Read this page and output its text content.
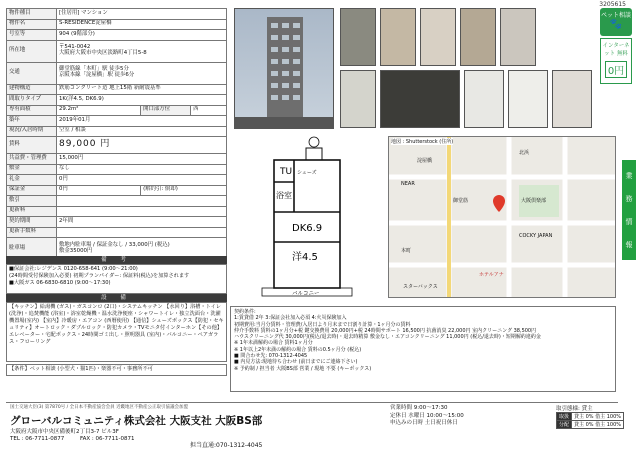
3205615
物件種目	[住居用] マンション		
物件名	S-RESIDENCE淀屋橋		
号室等	904 (9階部分)		
所在地	〒541-0042
大阪府大阪市中央区淡路町4丁目5-8		

交通	御堂筋線「本町」駅 徒歩5分
京阪本線「淀屋橋」駅 徒歩6分		

建物構造	鉄筋コンクリート造 地上15階 新耐震基準		
間取りタイプ	1K(洋4.5, DK6.9)		
専有面積	29.2m²	開口部方位	西
築年	2019年01月		
現況/入居時期	空室 / 相談		
賃料	89,000 円		
共益費・管理費	15,000円		
敷金	なし		
礼金	0円		
保証金	0円	(解約引: 償却)	
敷引			
更新料			
契約期間	2年間		
更新手数料			
駐車場	敷地内駐車場 / 保証金なし / 33,000円 (税込)
敷金35000円		
備 考
■保証会社:レジデンス 0120-658-641 (9:00〜21:00)
(24時間受付保険加入必要) 初期プランパイダー: 保証料(税込)を加算されます
■大阪ガス 06-6830-6810 (9:00〜17:30)
設 備
【キッチン】給湯機 (ガス)・ガスコンロ (2口)・システムキッチン 【水回り】浴槽・トイレ (洗浄)・追焚機能 (浴室)・浴室乾燥機・温水洗浄便座・シャワートイレ・独立洗面台・洗濯機置場(室内) 【室内】冷暖房・エアコン (西暦使用) 【通信】シューズボックス【防犯・セキュリティ】オートロック・ダブルロック・防犯カメラ・TVモニタ付インターホン【その他】エレベーター・宅配ボックス・24時間ゴミ出し・照明器具 (室内)・バルコニー・ペアガラス・フローリング
【条件】ペット相談 (小型犬・猫1匹)・楽器不可・事務所不可
ペット相談
🐾
インターネット 無料
0円
業
務
情
報
TU シューズ
浴室
DK6.9
洋4.5
バルコニー
地図 : Shutterstock (住所)
淀屋橋
NEAR
本町
御堂筋
北浜
大阪倶楽部
COCKY JAPAN
ホテルアナ
スターバックス
契約条件:
1:賃貸借 2年 3:保証会社加入必須 4:火災保険加入
初期費用:当月分賃料・管理費/入居日より月末まで日割り計算・1ヶ月分の賃料
仲介手数料 賃料の1ヶ月分+税 鍵交換費用 20,000円+税 24時間サポート 16,500円 抗菌消臭 22,000円 室内クリーニング 38,500円
ハウスクリーニング代 30,000円(税込/退去時)・退去時精算 敷金なし・エアコンクリーニング 11,000円 (税込/退去時)・短期解約違約金
※ 1年未満解約の場合 賃料1ヶ月分
※ 1年以上2年未満の解約の場合 賃料の0.5ヶ月分 (税込)
■ 問合わせ先: 070-1312-4045
■ 内見方法:現地待ち合わせ (前日までにご連絡下さい)
※ 予約制 / 担当者 大阪BS部 営業 / 現地 不要 (キーボックス)
国土交通大臣(3) 第7870号 / 全日本不動産協会会員 近畿地区不動産公正取引協議会加盟
グローバルコミュニティ株式会社 大阪支社 大阪BS部
大阪府大阪市中央区備後町2丁目3-7 ビル3F
TEL : 06-7711-0877	FAX : 06-7711-0871
担当直通:070-1312-4045
営業時間 9:00〜17:30
定休日 水曜日 10:00〜15:00
申込みの日時 土日祝日休日
取引態様: 貸主
取扱	貸主 0% 借主 100%
分配	貸主 0% 借主 100%
